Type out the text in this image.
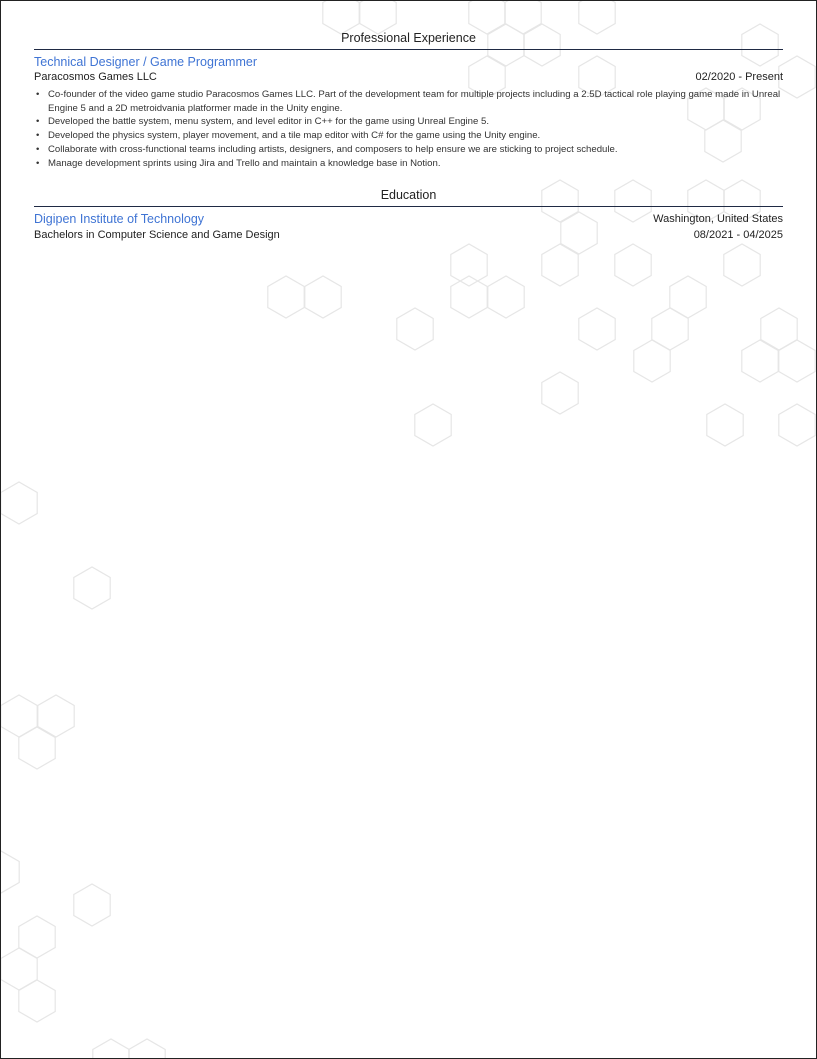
Professional Experience
Technical Designer / Game Programmer
Paracosmos Games LLC	02/2020 - Present
• Co-founder of the video game studio Paracosmos Games LLC. Part of the development team for multiple projects including a 2.5D tactical role playing game made in Unreal Engine 5 and a 2D metroidvania platformer made in the Unity engine.
• Developed the battle system, menu system, and level editor in C++ for the game using Unreal Engine 5.
• Developed the physics system, player movement, and a tile map editor with C# for the game using the Unity engine.
• Collaborate with cross-functional teams including artists, designers, and composers to help ensure we are sticking to project schedule.
• Manage development sprints using Jira and Trello and maintain a knowledge base in Notion.
Education
Digipen Institute of Technology	Washington, United States
Bachelors in Computer Science and Game Design	08/2021 - 04/2025
